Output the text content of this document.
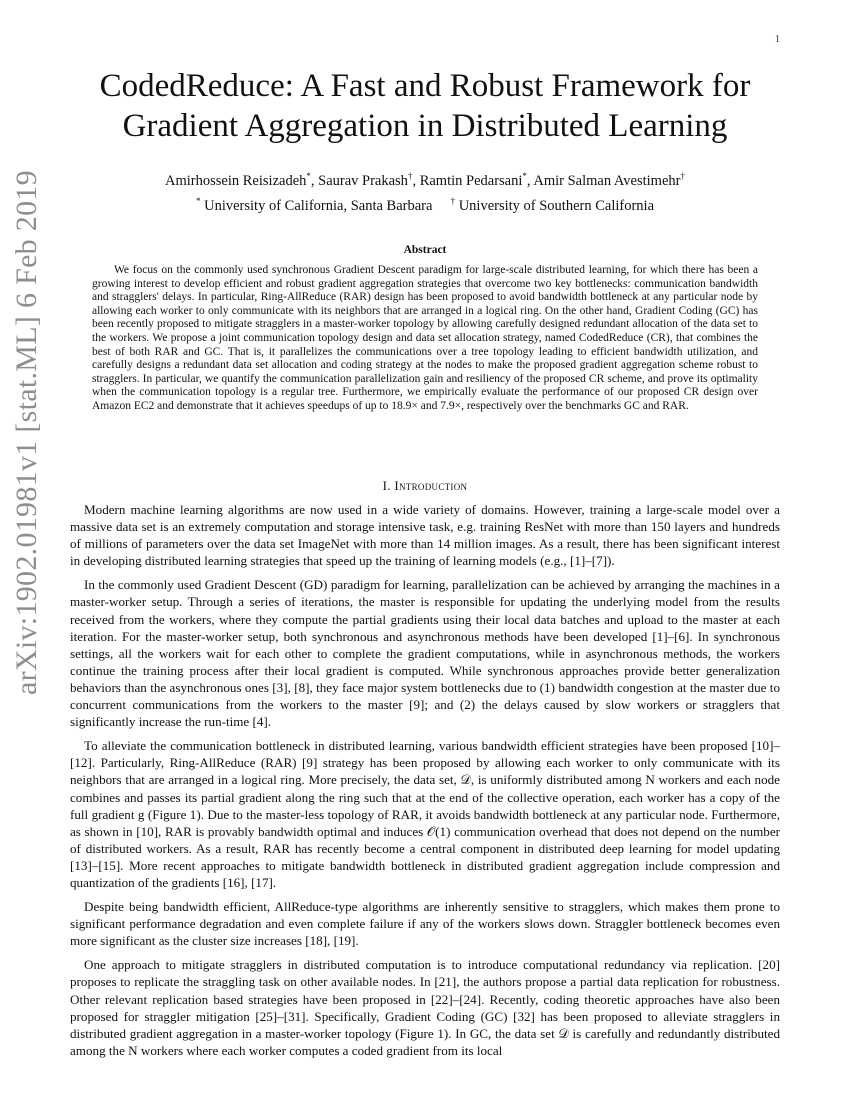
1
arXiv:1902.01981v1 [stat.ML] 6 Feb 2019
CodedReduce: A Fast and Robust Framework for
Gradient Aggregation in Distributed Learning
Amirhossein Reisizadeh*, Saurav Prakash†, Ramtin Pedarsani*, Amir Salman Avestimehr†
* University of California, Santa Barbara † University of Southern California
Abstract

We focus on the commonly used synchronous Gradient Descent paradigm for large-scale distributed learning, for which there has been a growing interest to develop efficient and robust gradient aggregation strategies that overcome two key bottlenecks: communication bandwidth and stragglers' delays. In particular, Ring-AllReduce (RAR) design has been proposed to avoid bandwidth bottleneck at any particular node by allowing each worker to only communicate with its neighbors that are arranged in a logical ring. On the other hand, Gradient Coding (GC) has been recently proposed to mitigate stragglers in a master-worker topology by allowing carefully designed redundant allocation of the data set to the workers. We propose a joint communication topology design and data set allocation strategy, named CodedReduce (CR), that combines the best of both RAR and GC. That is, it parallelizes the communications over a tree topology leading to efficient bandwidth utilization, and carefully designs a redundant data set allocation and coding strategy at the nodes to make the proposed gradient aggregation scheme robust to stragglers. In particular, we quantify the communication parallelization gain and resiliency of the proposed CR scheme, and prove its optimality when the communication topology is a regular tree. Furthermore, we empirically evaluate the performance of our proposed CR design over Amazon EC2 and demonstrate that it achieves speedups of up to 18.9× and 7.9×, respectively over the benchmarks GC and RAR.

I. Introduction

Modern machine learning algorithms are now used in a wide variety of domains. However, training a large-scale model over a massive data set is an extremely computation and storage intensive task, e.g. training ResNet with more than 150 layers and hundreds of millions of parameters over the data set ImageNet with more than 14 million images. As a result, there has been significant interest in developing distributed learning strategies that speed up the training of learning models (e.g., [1]–[7]).

In the commonly used Gradient Descent (GD) paradigm for learning, parallelization can be achieved by arranging the machines in a master-worker setup. Through a series of iterations, the master is responsible for updating the underlying model from the results received from the workers, where they compute the partial gradients using their local data batches and upload to the master at each iteration. For the master-worker setup, both synchronous and asynchronous methods have been developed [1]–[6]. In synchronous settings, all the workers wait for each other to complete the gradient computations, while in asynchronous methods, the workers continue the training process after their local gradient is computed. While synchronous approaches provide better generalization behaviors than the asynchronous ones [3], [8], they face major system bottlenecks due to (1) bandwidth congestion at the master due to concurrent communications from the workers to the master [9]; and (2) the delays caused by slow workers or stragglers that significantly increase the run-time [4].

To alleviate the communication bottleneck in distributed learning, various bandwidth efficient strategies have been proposed [10]–[12]. Particularly, Ring-AllReduce (RAR) [9] strategy has been proposed by allowing each worker to only communicate with its neighbors that are arranged in a logical ring. More precisely, the data set, 𝒟, is uniformly distributed among N workers and each node combines and passes its partial gradient along the ring such that at the end of the collective operation, each worker has a copy of the full gradient g (Figure 1). Due to the master-less topology of RAR, it avoids bandwidth bottleneck at any particular node. Furthermore, as shown in [10], RAR is provably bandwidth optimal and induces 𝒪(1) communication overhead that does not depend on the number of distributed workers. As a result, RAR has recently become a central component in distributed deep learning for model updating [13]–[15]. More recent approaches to mitigate bandwidth bottleneck in distributed gradient aggregation include compression and quantization of the gradients [16], [17].

Despite being bandwidth efficient, AllReduce-type algorithms are inherently sensitive to stragglers, which makes them prone to significant performance degradation and even complete failure if any of the workers slows down. Straggler bottleneck becomes even more significant as the cluster size increases [18], [19].

One approach to mitigate stragglers in distributed computation is to introduce computational redundancy via replication. [20] proposes to replicate the straggling task on other available nodes. In [21], the authors propose a partial data replication for robustness. Other relevant replication based strategies have been proposed in [22]–[24]. Recently, coding theoretic approaches have also been proposed for straggler mitigation [25]–[31]. Specifically, Gradient Coding (GC) [32] has been proposed to alleviate stragglers in distributed gradient aggregation in a master-worker topology (Figure 1). In GC, the data set 𝒟 is carefully and redundantly distributed among the N workers where each worker computes a coded gradient from its local
